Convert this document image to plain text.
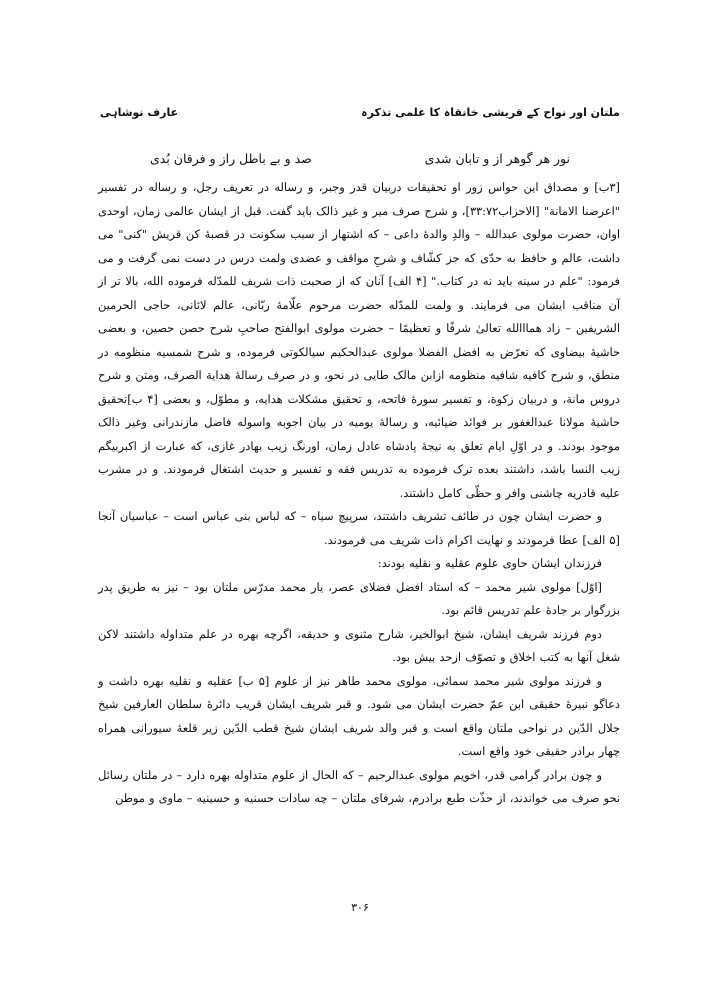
ملتان اور نواح کے قریشی خانقاہ کا علمی تذکرہ
عارف نوشاہی
نور هر گوهر از و تابان شدی
صد و بے باطل راز و فرقان بُدی

[۳ب] و مصداق این حواس زور او تحقیقات دربیان قدر وجبر، و رساله در تعریف رجل، و رساله در تفسیر "اعرضنا الامانة" [الاحزاب۳۳:۷۲]، و شرح صرف میر و غیر ذالک باید گفت. قبل از ایشان عالمی زمان، اوحدی اوان، حضرت مولوی عبدالله – والدِ والدهٔ داعی – که اشتهار از سبب سکونت در قصبهٔ کن قریش "کنی" می داشت، عالم و حافظ به حدّی که جز کشّاف و شرحِ مواقف و عضدی ولمت درس در دست نمی گرفت و می فرمود: "علم در سینه باید نه در کتاب." [۴ الف] آنان که از صحبت ذات شریف للمدّله فرموده الله، بالا تر از آن مناقب ایشان می فرمایند. و ولمت للمدّله حضرت مرحوم علّامهٔ ربّانی، عالم لاثانی، حاجی الحرمین الشریفین – زاد همااالله تعالیٰ شرفًا و تعظیمًا – حضرت مولوی ابوالفتح صاحبِ شرح حصن حصین، و بعضی حاشیهٔ بیضاوی که تعرّض به افضل الفضلا مولوی عبدالحکیم سیالکوتی فرموده، و شرح شمسیه منظومه در منطق، و شرح کافیه شافیه منظومه ازابن مالک طایی در نحو، و در صرف رسالهٔ هدایة الصرف، ومتن و شرح دروس مانة، و دربیان زکوة، و تفسیر سورهٔ فاتحه، و تحقیق مشکلات هدایه، و مطوّل، و بعضی [۴ ب]تحقیق حاشیهٔ مولانا عبدالغفور بر فوائد ضیائیه، و رسالهٔ یومیه در بیان اجوبه واسوله فاضل مازندرانی وغیر ذالک موجود بودند. و در اوّلِ ایام تعلق به نیجهٔ پادشاه عادل زمان، اورنگ زیب بهادر غازی، که عبارت از اکبربیگم زیب النسا باشد، داشتند بعده ترک فرموده به تدریس فقه و تفسیر و حدیث اشتغال فرمودند. و در مشرب علیه قادریه چاشنی وافر و حظّی کامل داشتند.

و حضرت ایشان چون در طائف تشریف داشتند، سرپیچ سیاه – که لباس بنی عباس است – عباسیان آنجا [۵ الف] عطا فرمودند و نهایت اکرام ذات شریف می فرمودند.

فرزندان ایشان حاوی علوم عقلیه و نقلیه بودند:

[اوّل] مولوی شیر محمد – که استاد افضل فضلای عصر، یار محمد مدرّس ملتان بود – نیز به طریق پدر بزرگوار بر جادهٔ علم تدریس قائم بود.

دوم فرزند شریف ایشان، شیخ ابوالخیر، شارح مثنوی و حدیقه، اگرچه بهره در علم متداوله داشتند لاکن شغل آنها به کتب اخلاق و تصوّف ازحد بیش بود.

و فرزند مولوی شیر محمد سمائی، مولوی محمد طاهر نیز از علوم [۵ ب] عقلیه و نقلیه بهره داشت و دعاگو نبیرهٔ حقیقی ابن عمّ حضرت ایشان می شود. و قبر شریف ایشان قریب دائرهٔ سلطان العارفین شیخ جلال الدّین در نواحی ملتان واقع است و قبر والد شریف ایشان شیخ قطب الدّین زیر قلعهٔ سیورانی همراه چهار برادر حقیقی خود واقع است.

و چون برادر گرامی قدر، اخویم مولوی عبدالرحیم – که الحال از علوم متداوله بهره دارد – در ملتان رسائل نحو صرف می خواندند، از حذّت طبع برادرم، شرفای ملتان – چه سادات حسنیه و حسینیه – ماوی و موطن

۳۰۶
